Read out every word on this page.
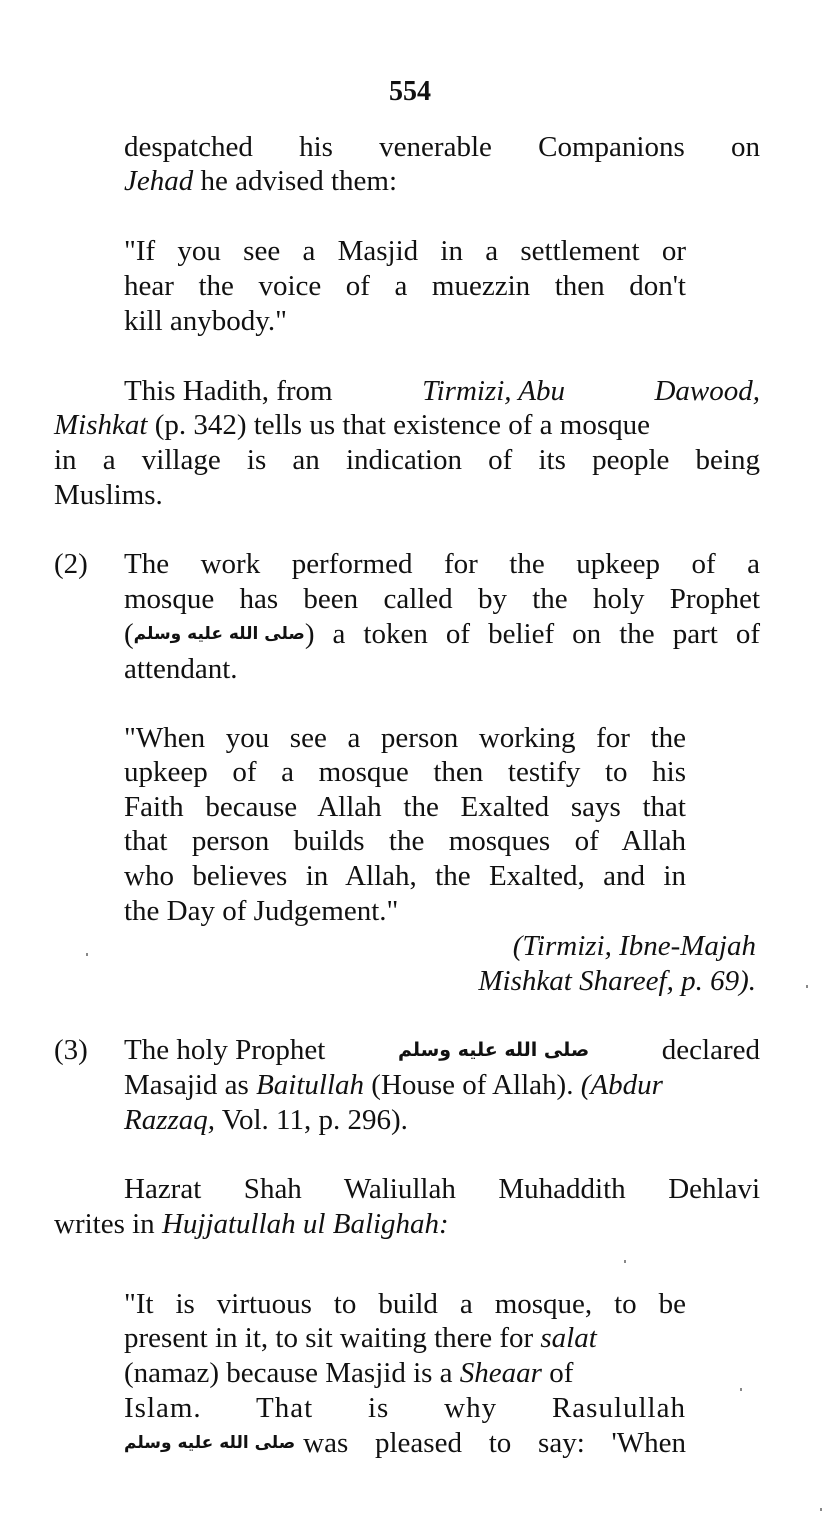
554
despatched his venerable Companions on
Jehad he advised them:
"If you see a Masjid in a settlement or
hear the voice of a muezzin then don't
kill anybody."
This Hadith, from	Tirmizi, Abu	Dawood,
Mishkat (p. 342) tells us that existence of a mosque
in a village is an indication of its people being
Muslims.
(2) The work performed for the upkeep of a
mosque has been called by the holy Prophet
( صلى الله عليه وسلم ) a token of belief on the part of
attendant.
"When you see a person working for the
upkeep of a mosque then testify to his
Faith because Allah the Exalted says that
that person builds the mosques of Allah
who believes in Allah, the Exalted, and in
the Day of Judgement."
(Tirmizi, Ibne-Majah
Mishkat Shareef, p. 69).
(3) The holy Prophet	صلى الله عليه وسلم	declared
Masajid as Baitullah (House of Allah). (Abdur
Razzaq, Vol. 11, p. 296).
Hazrat Shah Waliullah Muhaddith Dehlavi
writes in Hujjatullah ul Balighah:
"It is virtuous to build a mosque, to be
present in it, to sit waiting there for salat
(namaz) because Masjid is a Sheaar of
Islam. That is why Rasulullah
صلى الله عليه وسلم was pleased to say: 'When
